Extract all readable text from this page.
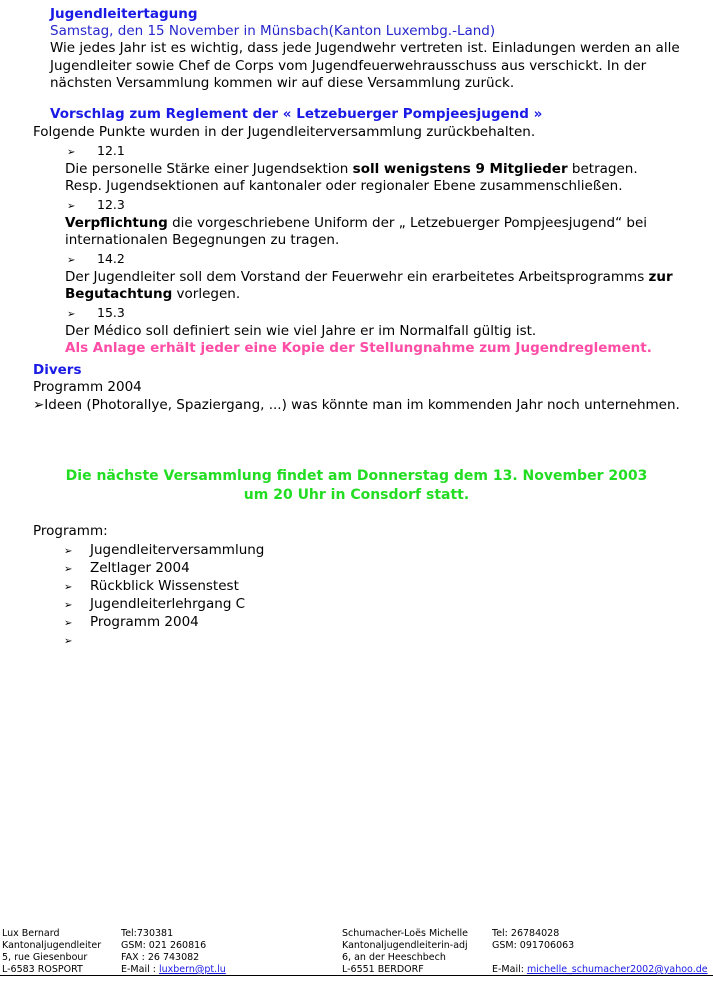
Jugendleitertagung
Samstag, den 15 November in Münsbach(Kanton Luxembg.-Land)
Wie jedes Jahr ist es wichtig, dass jede Jugendwehr vertreten ist. Einladungen werden an alle Jugendleiter sowie Chef de Corps vom Jugendfeuerwehrausschuss aus verschickt. In der nächsten Versammlung kommen wir auf diese Versammlung zurück.
Vorschlag zum Reglement der « Letzebuerger Pompjeesjugend »
Folgende Punkte wurden in der Jugendleiterversammlung zurückbehalten.
➢ 12.1
Die personelle Stärke einer Jugendsektion soll wenigstens 9 Mitglieder betragen.
Resp. Jugendsektionen auf kantonaler oder regionaler Ebene zusammenschließen.
➢ 12.3
Verpflichtung die vorgeschriebene Uniform der „ Letzebuerger Pompjeesjugend“ bei internationalen Begegnungen zu tragen.
➢ 14.2
Der Jugendleiter soll dem Vorstand der Feuerwehr ein erarbeitetes Arbeitsprogramms zur Begutachtung vorlegen.
➢ 15.3
Der Médico soll definiert sein wie viel Jahre er im Normalfall gültig ist.
Als Anlage erhält jeder eine Kopie der Stellungnahme zum Jugendreglement.
Divers
Programm 2004
➢Ideen (Photorallye, Spaziergang, ...) was könnte man im kommenden Jahr noch unternehmen.
Die nächste Versammlung findet am Donnerstag dem 13. November 2003
um 20 Uhr in Consdorf statt.
Programm:
➢ Jugendleiterversammlung
➢ Zeltlager 2004
➢ Rückblick Wissenstest
➢ Jugendleiterlehrgang C
➢ Programm 2004
➢
Lux Bernard
Kantonaljugendleiter
5, rue Giesenbour
L-6583 ROSPORT
Tel:730381
GSM: 021 260816
FAX : 26 743082
E-Mail : luxbern@pt.lu
Schumacher-Loës Michelle
Kantonaljugendleiterin-adj
6, an der Heeschbech
L-6551 BERDORF
Tel: 26784028
GSM: 091706063

E-Mail: michelle_schumacher2002@yahoo.de
